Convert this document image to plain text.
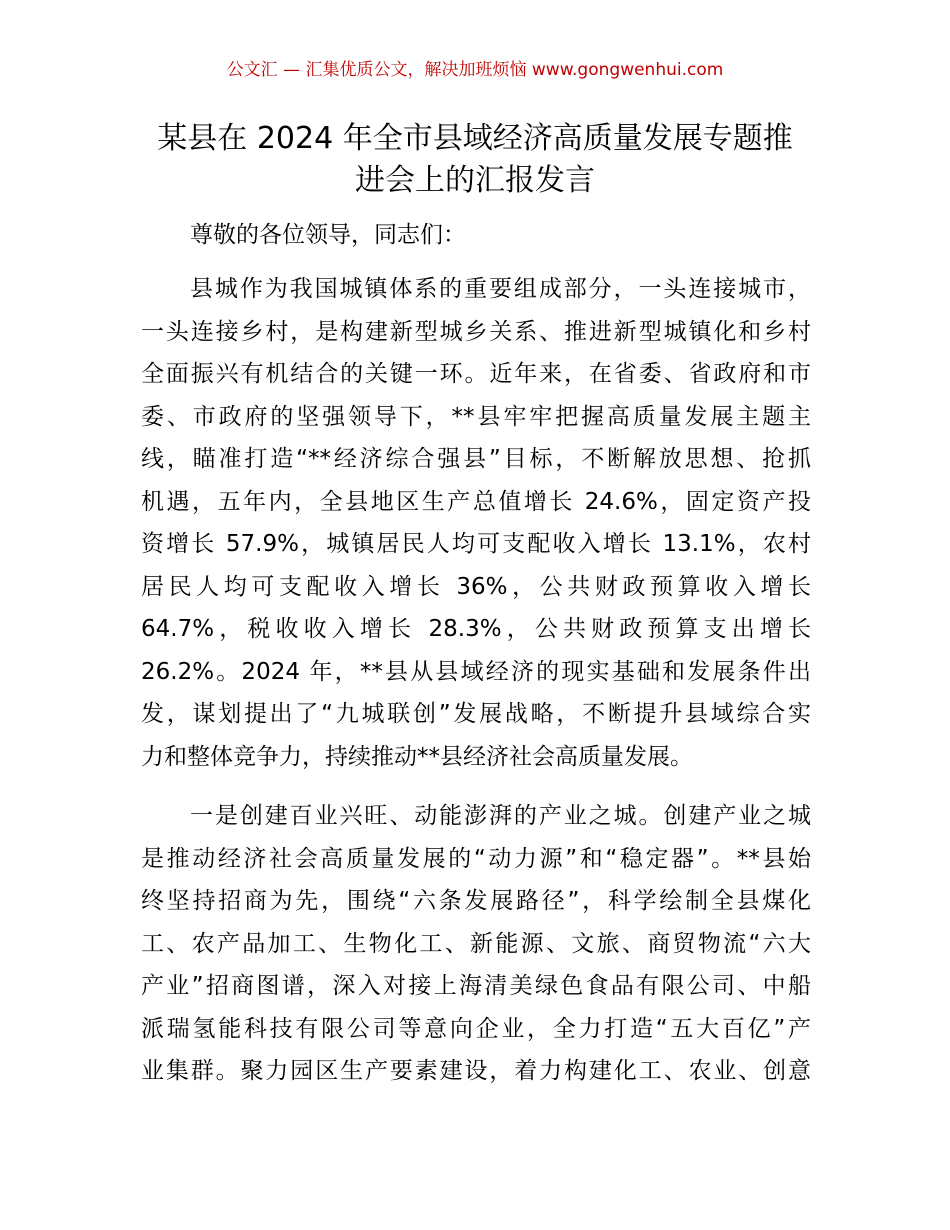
公文汇 — 汇集优质公文，解决加班烦恼 www.gongwenhui.com
某县在 2024 年全市县域经济高质量发展专题推
进会上的汇报发言
尊敬的各位领导，同志们：
县城作为我国城镇体系的重要组成部分，一头连接城市，
一头连接乡村，是构建新型城乡关系、推进新型城镇化和乡村
全面振兴有机结合的关键一环。近年来，在省委、省政府和市
委、市政府的坚强领导下，**县牢牢把握高质量发展主题主
线，瞄准打造“**经济综合强县”目标，不断解放思想、抢抓
机遇，五年内，全县地区生产总值增长 24.6%，固定资产投
资增长 57.9%，城镇居民人均可支配收入增长 13.1%，农村
居民人均可支配收入增长 36%，公共财政预算收入增长
64.7%，税收收入增长 28.3%，公共财政预算支出增长
26.2%。2024 年，**县从县域经济的现实基础和发展条件出
发，谋划提出了“九城联创”发展战略，不断提升县域综合实
力和整体竞争力，持续推动**县经济社会高质量发展。
一是创建百业兴旺、动能澎湃的产业之城。创建产业之城
是推动经济社会高质量发展的“动力源”和“稳定器”。**县始
终坚持招商为先，围绕“六条发展路径”，科学绘制全县煤化
工、农产品加工、生物化工、新能源、文旅、商贸物流“六大
产业”招商图谱，深入对接上海清美绿色食品有限公司、中船
派瑞氢能科技有限公司等意向企业，全力打造“五大百亿”产
业集群。聚力园区生产要素建设，着力构建化工、农业、创意
